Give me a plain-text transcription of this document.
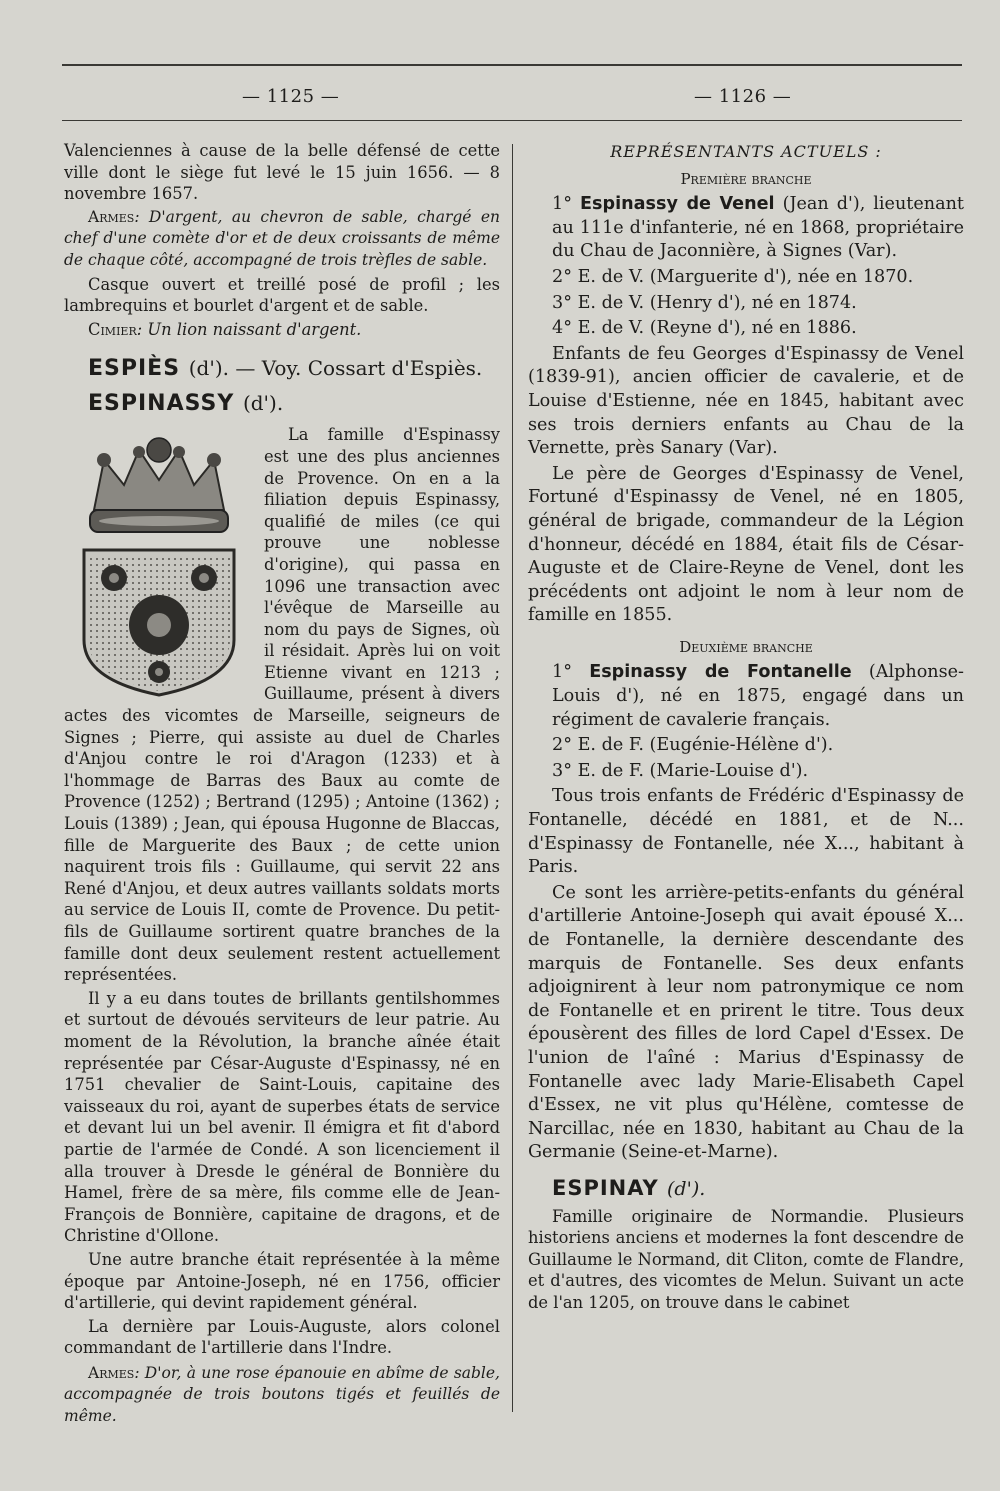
— 1125 —	— 1126 —

Valenciennes à cause de la belle défensé de cette ville dont le siège fut levé le 15 juin 1656. — 8 novembre 1657.

Armes: D'argent, au chevron de sable, chargé en chef d'une comète d'or et de deux croissants de même de chaque côté, accompagné de trois trèfles de sable.

Casque ouvert et treillé posé de profil ; les lambrequins et bourlet d'argent et de sable.

Cimier: Un lion naissant d'argent.

ESPIÈS (d'). — Voy. Cossart d'Espiès.
ESPINASSY (d').

La famille d'Espinassy est une des plus anciennes de Provence. On en a la filiation depuis Espinassy, qualifié de miles (ce qui prouve une noblesse d'origine), qui passa en 1096 une transaction avec l'évêque de Marseille au nom du pays de Signes, où il résidait. Après lui on voit Etienne vivant en 1213 ; Guillaume, présent à divers actes des vicomtes de Marseille, seigneurs de Signes ; Pierre, qui assiste au duel de Charles d'Anjou contre le roi d'Aragon (1233) et à l'hommage de Barras des Baux au comte de Provence (1252) ; Bertrand (1295) ; Antoine (1362) ; Louis (1389) ; Jean, qui épousa Hugonne de Blaccas, fille de Marguerite des Baux ; de cette union naquirent trois fils : Guillaume, qui servit 22 ans René d'Anjou, et deux autres vaillants soldats morts au service de Louis II, comte de Provence. Du petit-fils de Guillaume sortirent quatre branches de la famille dont deux seulement restent actuellement représentées.

Il y a eu dans toutes de brillants gentilshommes et surtout de dévoués serviteurs de leur patrie. Au moment de la Révolution, la branche aînée était représentée par César-Auguste d'Espinassy, né en 1751 chevalier de Saint-Louis, capitaine des vaisseaux du roi, ayant de superbes états de service et devant lui un bel avenir. Il émigra et fit d'abord partie de l'armée de Condé. A son licenciement il alla trouver à Dresde le général de Bonnière du Hamel, frère de sa mère, fils comme elle de Jean-François de Bonnière, capitaine de dragons, et de Christine d'Ollone.

Une autre branche était représentée à la même époque par Antoine-Joseph, né en 1756, officier d'artillerie, qui devint rapidement général.

La dernière par Louis-Auguste, alors colonel commandant de l'artillerie dans l'Indre.

Armes: D'or, à une rose épanouie en abîme de sable, accompagnée de trois boutons tigés et feuillés de même.

REPRÉSENTANTS ACTUELS :
Première branche

1° Espinassy de Venel (Jean d'), lieutenant au 111e d'infanterie, né en 1868, propriétaire du Chau de Jaconnière, à Signes (Var).

2° E. de V. (Marguerite d'), née en 1870.

3° E. de V. (Henry d'), né en 1874.

4° E. de V. (Reyne d'), né en 1886.

Enfants de feu Georges d'Espinassy de Venel (1839-91), ancien officier de cavalerie, et de Louise d'Estienne, née en 1845, habitant avec ses trois derniers enfants au Chau de la Vernette, près Sanary (Var).

Le père de Georges d'Espinassy de Venel, Fortuné d'Espinassy de Venel, né en 1805, général de brigade, commandeur de la Légion d'honneur, décédé en 1884, était fils de César-Auguste et de Claire-Reyne de Venel, dont les précédents ont adjoint le nom à leur nom de famille en 1855.

Deuxième branche

1° Espinassy de Fontanelle (Alphonse-Louis d'), né en 1875, engagé dans un régiment de cavalerie français.

2° E. de F. (Eugénie-Hélène d').

3° E. de F. (Marie-Louise d').

Tous trois enfants de Frédéric d'Espinassy de Fontanelle, décédé en 1881, et de N... d'Espinassy de Fontanelle, née X..., habitant à Paris.

Ce sont les arrière-petits-enfants du général d'artillerie Antoine-Joseph qui avait épousé X... de Fontanelle, la dernière descendante des marquis de Fontanelle. Ses deux enfants adjoignirent à leur nom patronymique ce nom de Fontanelle et en prirent le titre. Tous deux épousèrent des filles de lord Capel d'Essex. De l'union de l'aîné : Marius d'Espinassy de Fontanelle avec lady Marie-Elisabeth Capel d'Essex, ne vit plus qu'Hélène, comtesse de Narcillac, née en 1830, habitant au Chau de la Germanie (Seine-et-Marne).

ESPINAY (d').

Famille originaire de Normandie. Plusieurs historiens anciens et modernes la font descendre de Guillaume le Normand, dit Cliton, comte de Flandre, et d'autres, des vicomtes de Melun. Suivant un acte de l'an 1205, on trouve dans le cabinet
